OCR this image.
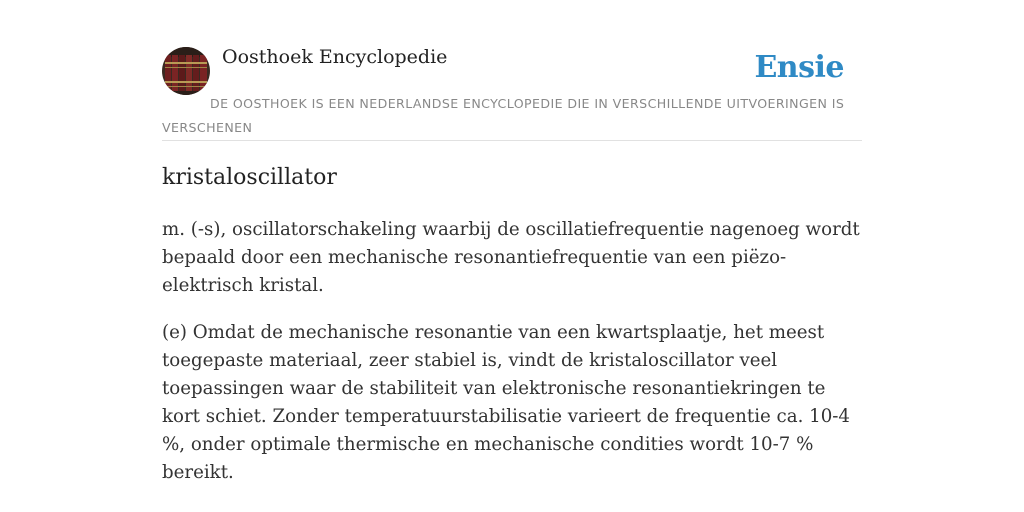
Oosthoek Encyclopedie	Ensie
DE OOSTHOEK IS EEN NEDERLANDSE ENCYCLOPEDIE DIE IN VERSCHILLENDE UITVOERINGEN IS VERSCHENEN
kristaloscillator

m. (-s), oscillatorschakeling waarbij de oscillatiefrequentie nagenoeg wordt bepaald door een mechanische resonantiefrequentie van een piëzo-elektrisch kristal.

(e) Omdat de mechanische resonantie van een kwartsplaatje, het meest toegepaste materiaal, zeer stabiel is, vindt de kristaloscillator veel toepassingen waar de stabiliteit van elektronische resonantiekringen te kort schiet. Zonder temperatuurstabilisatie varieert de frequentie ca. 10-4 %, onder optimale thermische en mechanische condities wordt 10-7 % bereikt.
